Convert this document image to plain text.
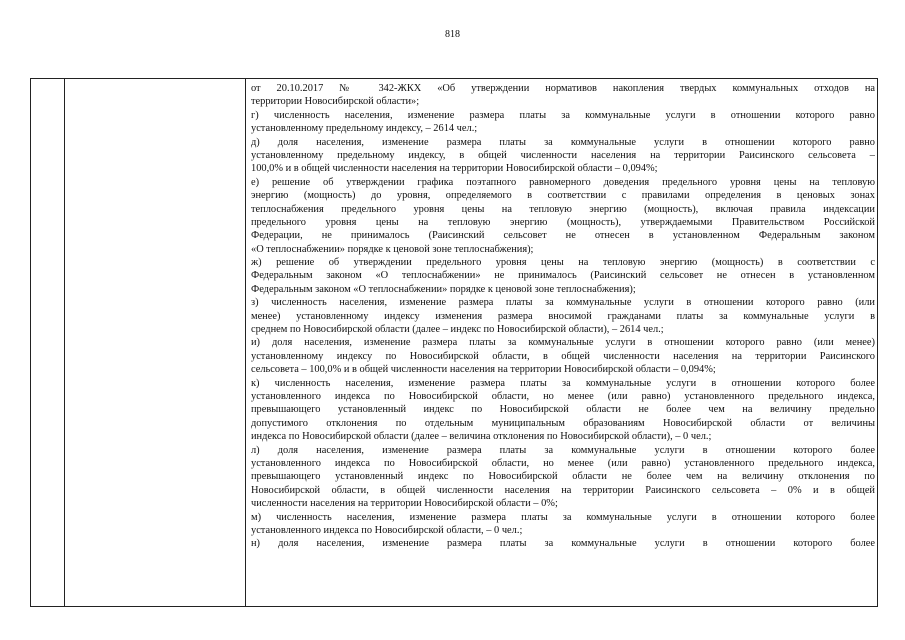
818
от 20.10.2017 № 342-ЖКХ «Об утверждении нормативов накопления твердых коммунальных отходов на
территории Новосибирской области»;
г) численность населения, изменение размера платы за коммунальные услуги в отношении которого равно
установленному предельному индексу, – 2614 чел.;
д) доля населения, изменение размера платы за коммунальные услуги в отношении которого равно
установленному предельному индексу, в общей численности населения на территории Раисинского сельсовета –
100,0% и в общей численности населения на территории Новосибирской области – 0,094%;
е) решение об утверждении графика поэтапного равномерного доведения предельного уровня цены на тепловую
энергию (мощность) до уровня, определяемого в соответствии с правилами определения в ценовых зонах
теплоснабжения предельного уровня цены на тепловую энергию (мощность), включая правила индексации
предельного уровня цены на тепловую энергию (мощность), утверждаемыми Правительством Российской
Федерации, не принималось (Раисинский сельсовет не отнесен в установленном Федеральным законом
«О теплоснабжении» порядке к ценовой зоне теплоснабжения);
ж) решение об утверждении предельного уровня цены на тепловую энергию (мощность) в соответствии с
Федеральным законом «О теплоснабжении» не принималось (Раисинский сельсовет не отнесен в установленном
Федеральным законом «О теплоснабжении» порядке к ценовой зоне теплоснабжения);
з) численность населения, изменение размера платы за коммунальные услуги в отношении которого равно (или
менее) установленному индексу изменения размера вносимой гражданами платы за коммунальные услуги в
среднем по Новосибирской области (далее – индекс по Новосибирской области), – 2614 чел.;
и) доля населения, изменение размера платы за коммунальные услуги в отношении которого равно (или менее)
установленному индексу по Новосибирской области, в общей численности населения на территории Раисинского
сельсовета – 100,0% и в общей численности населения на территории Новосибирской области – 0,094%;
к) численность населения, изменение размера платы за коммунальные услуги в отношении которого более
установленного индекса по Новосибирской области, но менее (или равно) установленного предельного индекса,
превышающего установленный индекс по Новосибирской области не более чем на величину предельно
допустимого отклонения по отдельным муниципальным образованиям Новосибирской области от величины
индекса по Новосибирской области (далее – величина отклонения по Новосибирской области), – 0 чел.;
л) доля населения, изменение размера платы за коммунальные услуги в отношении которого более
установленного индекса по Новосибирской области, но менее (или равно) установленного предельного индекса,
превышающего установленный индекс по Новосибирской области не более чем на величину отклонения по
Новосибирской области, в общей численности населения на территории Раисинского сельсовета – 0% и в общей
численности населения на территории Новосибирской области – 0%;
м) численность населения, изменение размера платы за коммунальные услуги в отношении которого более
установленного индекса по Новосибирской области, – 0 чел.;
н) доля населения, изменение размера платы за коммунальные услуги в отношении которого более
